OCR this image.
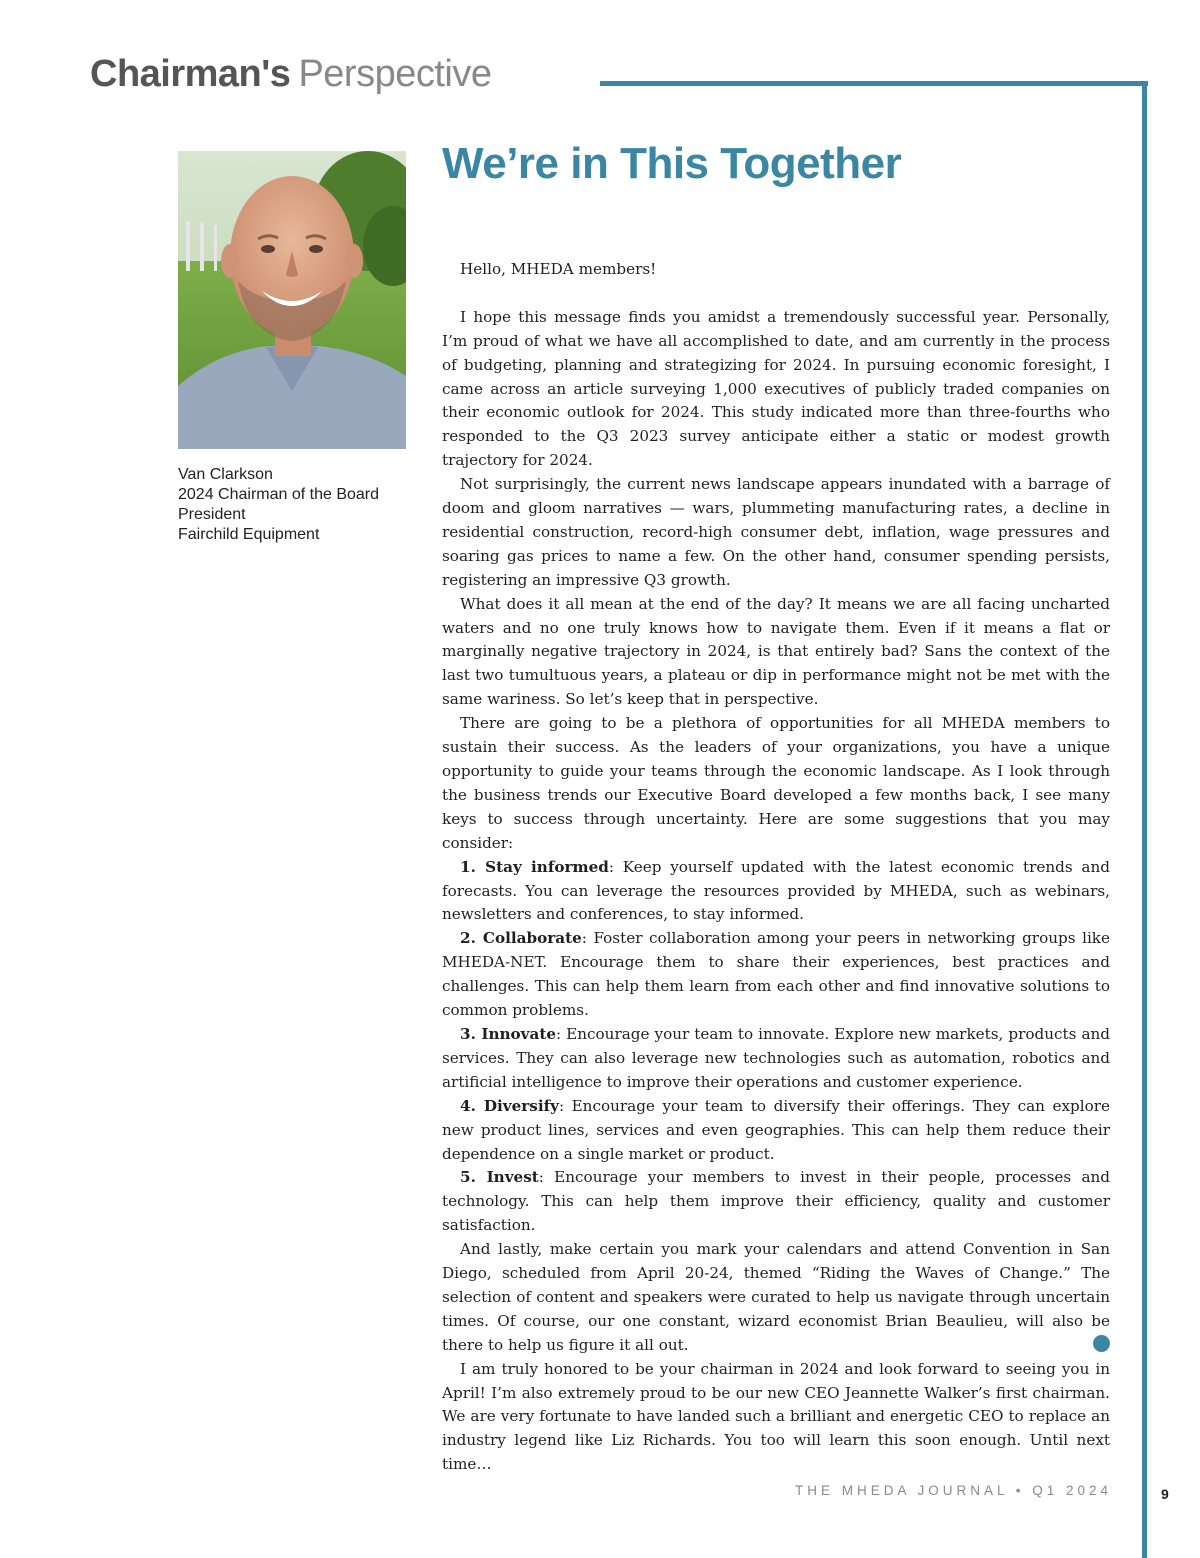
Chairman's Perspective
Van Clarkson
2024 Chairman of the Board
President
Fairchild Equipment
We’re in This Together

Hello, MHEDA members!

I hope this message finds you amidst a tremendously successful year. Personally, I’m proud of what we have all accomplished to date, and am currently in the process of budgeting, planning and strategizing for 2024. In pursuing economic foresight, I came across an article surveying 1,000 executives of publicly traded companies on their economic outlook for 2024. This study indicated more than three-fourths who responded to the Q3 2023 survey anticipate either a static or modest growth trajectory for 2024.

Not surprisingly, the current news landscape appears inundated with a barrage of doom and gloom narratives — wars, plummeting manufacturing rates, a decline in residential construction, record-high consumer debt, inflation, wage pressures and soaring gas prices to name a few. On the other hand, consumer spending persists, registering an impressive Q3 growth.

What does it all mean at the end of the day? It means we are all facing uncharted waters and no one truly knows how to navigate them. Even if it means a flat or marginally negative trajectory in 2024, is that entirely bad? Sans the context of the last two tumultuous years, a plateau or dip in performance might not be met with the same wariness. So let’s keep that in perspective.

There are going to be a plethora of opportunities for all MHEDA members to sustain their success. As the leaders of your organizations, you have a unique opportunity to guide your teams through the economic landscape. As I look through the business trends our Executive Board developed a few months back, I see many keys to success through uncertainty. Here are some suggestions that you may consider:

1. Stay informed: Keep yourself updated with the latest economic trends and forecasts. You can leverage the resources provided by MHEDA, such as webinars, newsletters and conferences, to stay informed.

2. Collaborate: Foster collaboration among your peers in networking groups like MHEDA-NET. Encourage them to share their experiences, best practices and challenges. This can help them learn from each other and find innovative solutions to common problems.

3. Innovate: Encourage your team to innovate. Explore new markets, products and services. They can also leverage new technologies such as automation, robotics and artificial intelligence to improve their operations and customer experience.

4. Diversify: Encourage your team to diversify their offerings. They can explore new product lines, services and even geographies. This can help them reduce their dependence on a single market or product.

5. Invest: Encourage your members to invest in their people, processes and technology. This can help them improve their efficiency, quality and customer satisfaction.

And lastly, make certain you mark your calendars and attend Convention in San Diego, scheduled from April 20-24, themed “Riding the Waves of Change.” The selection of content and speakers were curated to help us navigate through uncertain times. Of course, our one constant, wizard economist Brian Beaulieu, will also be there to help us figure it all out.

I am truly honored to be your chairman in 2024 and look forward to seeing you in April! I’m also extremely proud to be our new CEO Jeannette Walker’s first chairman. We are very fortunate to have landed such a brilliant and energetic CEO to replace an industry legend like Liz Richards. You too will learn this soon enough. Until next time…

THE MHEDA JOURNAL • Q1 2024	9
